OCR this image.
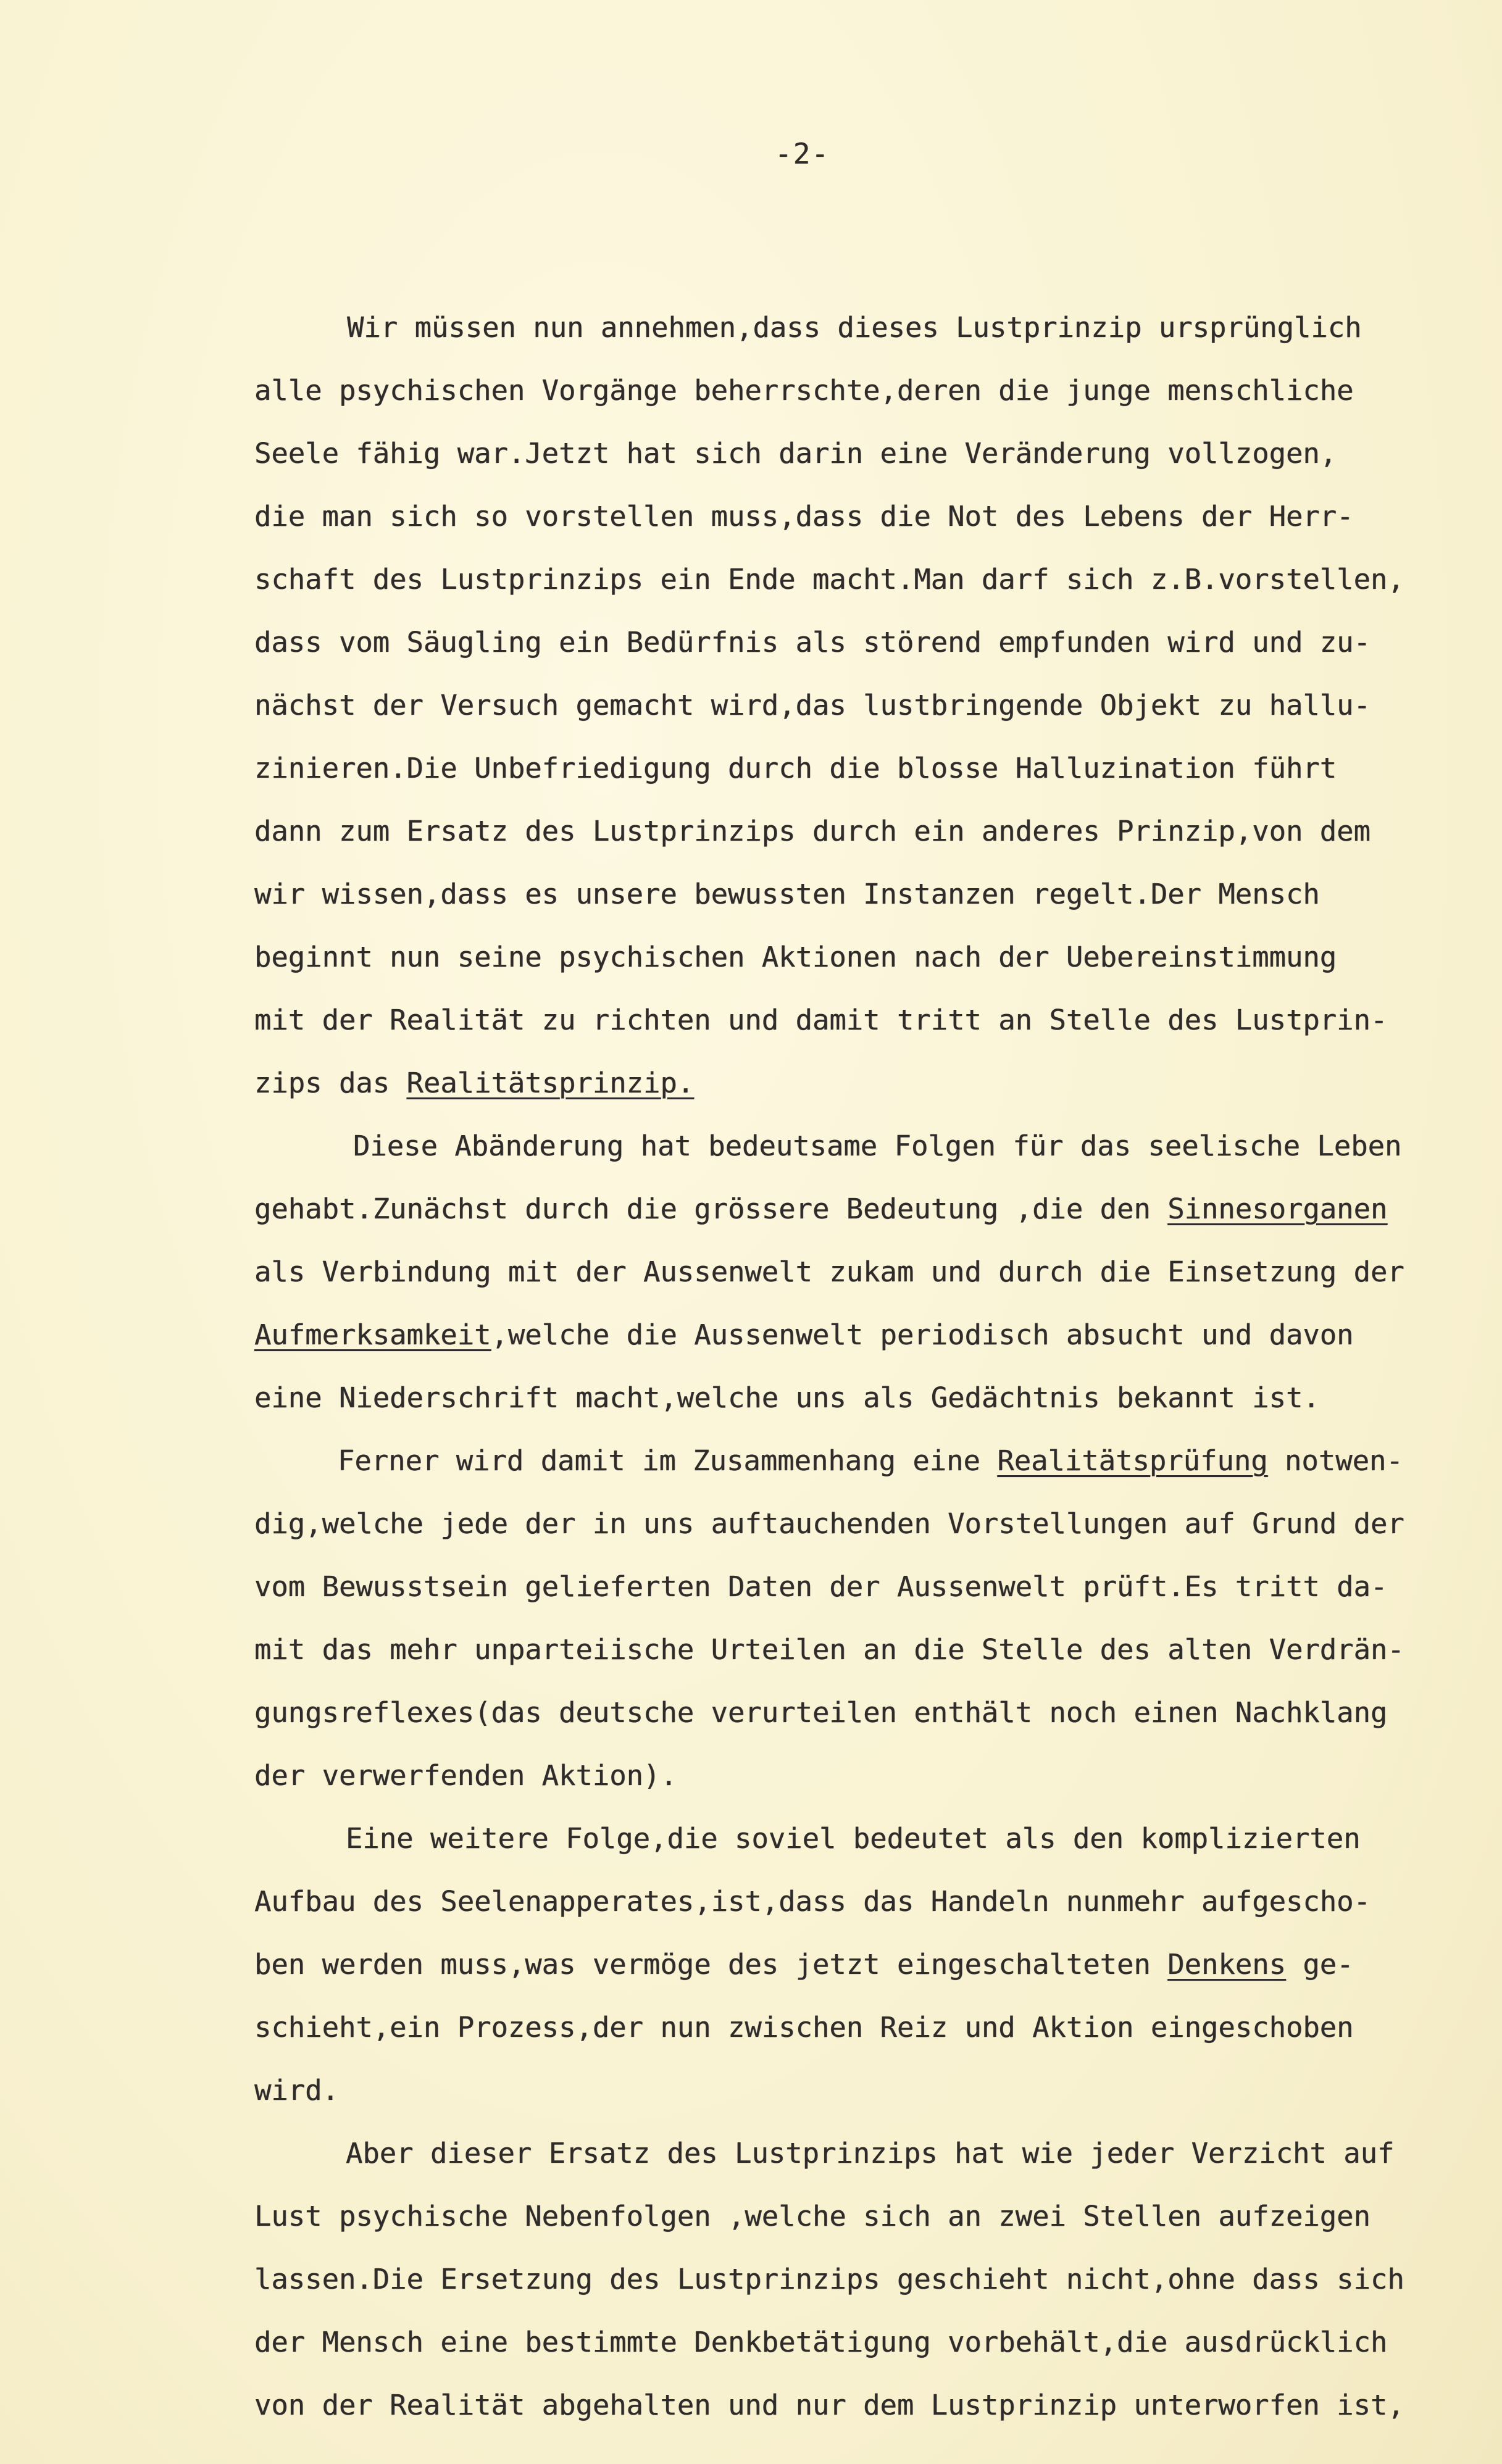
-2-
Wir müssen nun annehmen,dass dieses Lustprinzip ursprünglich
alle psychischen Vorgänge beherrschte,deren die junge menschliche
Seele fähig war.Jetzt hat sich darin eine Veränderung vollzogen,
die man sich so vorstellen muss,dass die Not des Lebens der Herr-
schaft des Lustprinzips ein Ende macht.Man darf sich z.B.vorstellen,
dass vom Säugling ein Bedürfnis als störend empfunden wird und zu-
nächst der Versuch gemacht wird,das lustbringende Objekt zu hallu-
zinieren.Die Unbefriedigung durch die blosse Halluzination führt
dann zum Ersatz des Lustprinzips durch ein anderes Prinzip,von dem
wir wissen,dass es unsere bewussten Instanzen regelt.Der Mensch
beginnt nun seine psychischen Aktionen nach der Uebereinstimmung
mit der Realität zu richten und damit tritt an Stelle des Lustprin-
zips das Realitätsprinzip.
Diese Abänderung hat bedeutsame Folgen für das seelische Leben
gehabt.Zunächst durch die grössere Bedeutung ,die den Sinnesorganen
als Verbindung mit der Aussenwelt zukam und durch die Einsetzung der
Aufmerksamkeit,welche die Aussenwelt periodisch absucht und davon
eine Niederschrift macht,welche uns als Gedächtnis bekannt ist.
Ferner wird damit im Zusammenhang eine Realitätsprüfung notwen-
dig,welche jede der in uns auftauchenden Vorstellungen auf Grund der
vom Bewusstsein gelieferten Daten der Aussenwelt prüft.Es tritt da-
mit das mehr unparteiische Urteilen an die Stelle des alten Verdrän-
gungsreflexes(das deutsche verurteilen enthält noch einen Nachklang
der verwerfenden Aktion).
Eine weitere Folge,die soviel bedeutet als den komplizierten
Aufbau des Seelenapperates,ist,dass das Handeln nunmehr aufgescho-
ben werden muss,was vermöge des jetzt eingeschalteten Denkens ge-
schieht,ein Prozess,der nun zwischen Reiz und Aktion eingeschoben
wird.
Aber dieser Ersatz des Lustprinzips hat wie jeder Verzicht auf
Lust psychische Nebenfolgen ,welche sich an zwei Stellen aufzeigen
lassen.Die Ersetzung des Lustprinzips geschieht nicht,ohne dass sich
der Mensch eine bestimmte Denkbetätigung vorbehält,die ausdrücklich
von der Realität abgehalten und nur dem Lustprinzip unterworfen ist,
